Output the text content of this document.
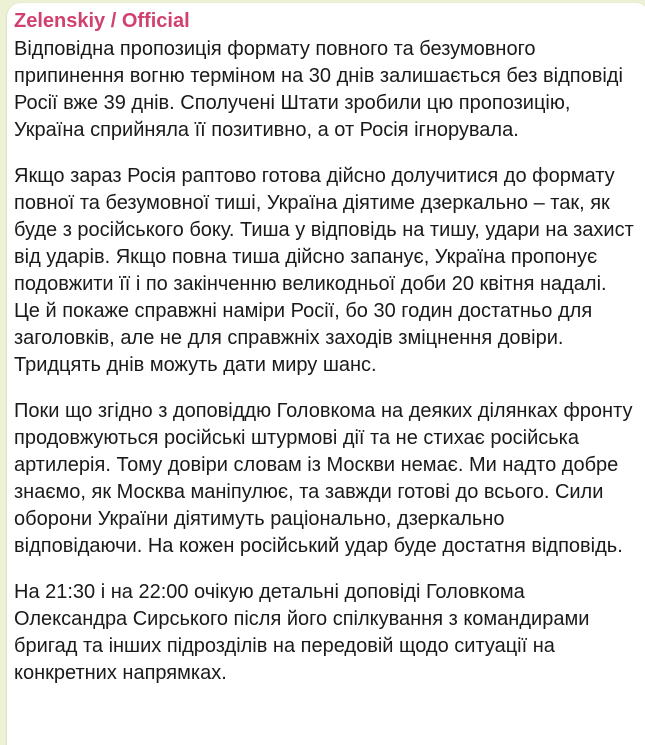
Zelenskiy / Official

Відповідна пропозиція формату повного та безумовного припинення вогню терміном на 30 днів залишається без відповіді Росії вже 39 днів. Сполучені Штати зробили цю пропозицію, Україна сприйняла її позитивно, а от Росія ігнорувала.

Якщо зараз Росія раптово готова дійсно долучитися до формату повної та безумовної тиші, Україна діятиме дзеркально – так, як буде з російського боку. Тиша у відповідь на тишу, удари на захист від ударів. Якщо повна тиша дійсно запанує, Україна пропонує подовжити її і по закінченню великодньої доби 20 квітня надалі. Це й покаже справжні наміри Росії, бо 30 годин достатньо для заголовків, але не для справжніх заходів зміцнення довіри. Тридцять днів можуть дати миру шанс.

Поки що згідно з доповіддю Головкома на деяких ділянках фронту продовжуються російські штурмові дії та не стихає російська артилерія. Тому довіри словам із Москви немає. Ми надто добре знаємо, як Москва маніпулює, та завжди готові до всього. Сили оборони України діятимуть раціонально, дзеркально відповідаючи. На кожен російський удар буде достатня відповідь.

На 21:30 і на 22:00 очікую детальні доповіді Головкома Олександра Сирського після його спілкування з командирами бригад та інших підрозділів на передовій щодо ситуації на конкретних напрямках.
